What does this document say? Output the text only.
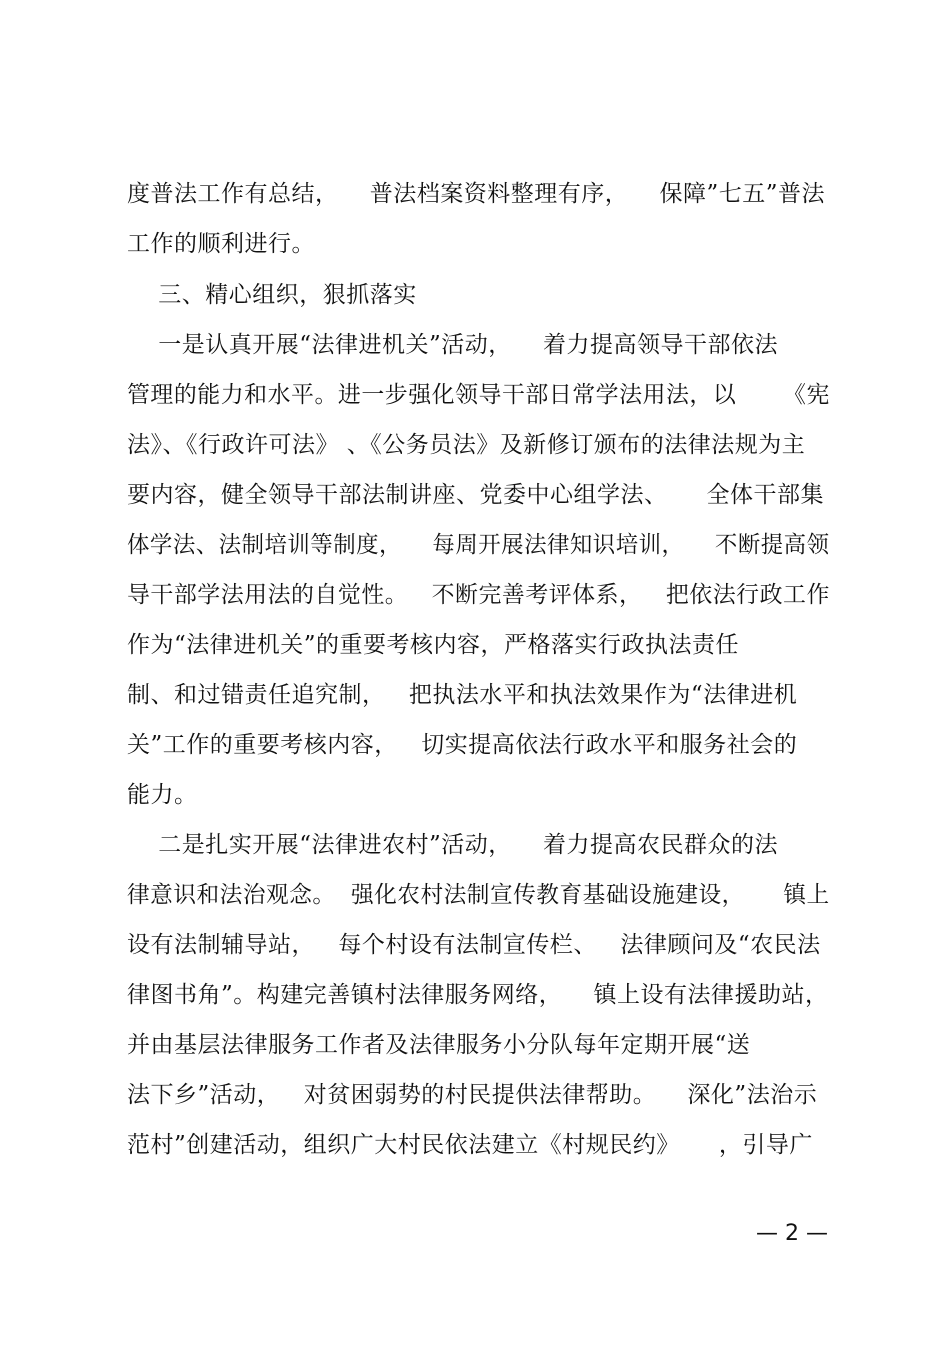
度普法工作有总结，    普法档案资料整理有序，    保障”七五”普法
工作的顺利进行。
三、精心组织，狠抓落实
一是认真开展“法律进机关”活动，    着力提高领导干部依法
管理的能力和水平。进一步强化领导干部日常学法用法，以      《宪
法》、《行政许可法》 、《公务员法》及新修订颁布的法律法规为主
要内容，健全领导干部法制讲座、党委中心组学法、     全体干部集
体学法、法制培训等制度，    每周开展法律知识培训，    不断提高领
导干部学法用法的自觉性。   不断完善考评体系，   把依法行政工作
作为“法律进机关”的重要考核内容，严格落实行政执法责任
制、和过错责任追究制，   把执法水平和执法效果作为“法律进机
关”工作的重要考核内容，   切实提高依法行政水平和服务社会的
能力。
二是扎实开展“法律进农村”活动，    着力提高农民群众的法
律意识和法治观念。  强化农村法制宣传教育基础设施建设，     镇上
设有法制辅导站，   每个村设有法制宣传栏、   法律顾问及“农民法
律图书角”。构建完善镇村法律服务网络，    镇上设有法律援助站，
并由基层法律服务工作者及法律服务小分队每年定期开展“送
法下乡”活动，   对贫困弱势的村民提供法律帮助。    深化”法治示
范村”创建活动，组织广大村民依法建立《村规民约》     ，引导广
— 2 —
